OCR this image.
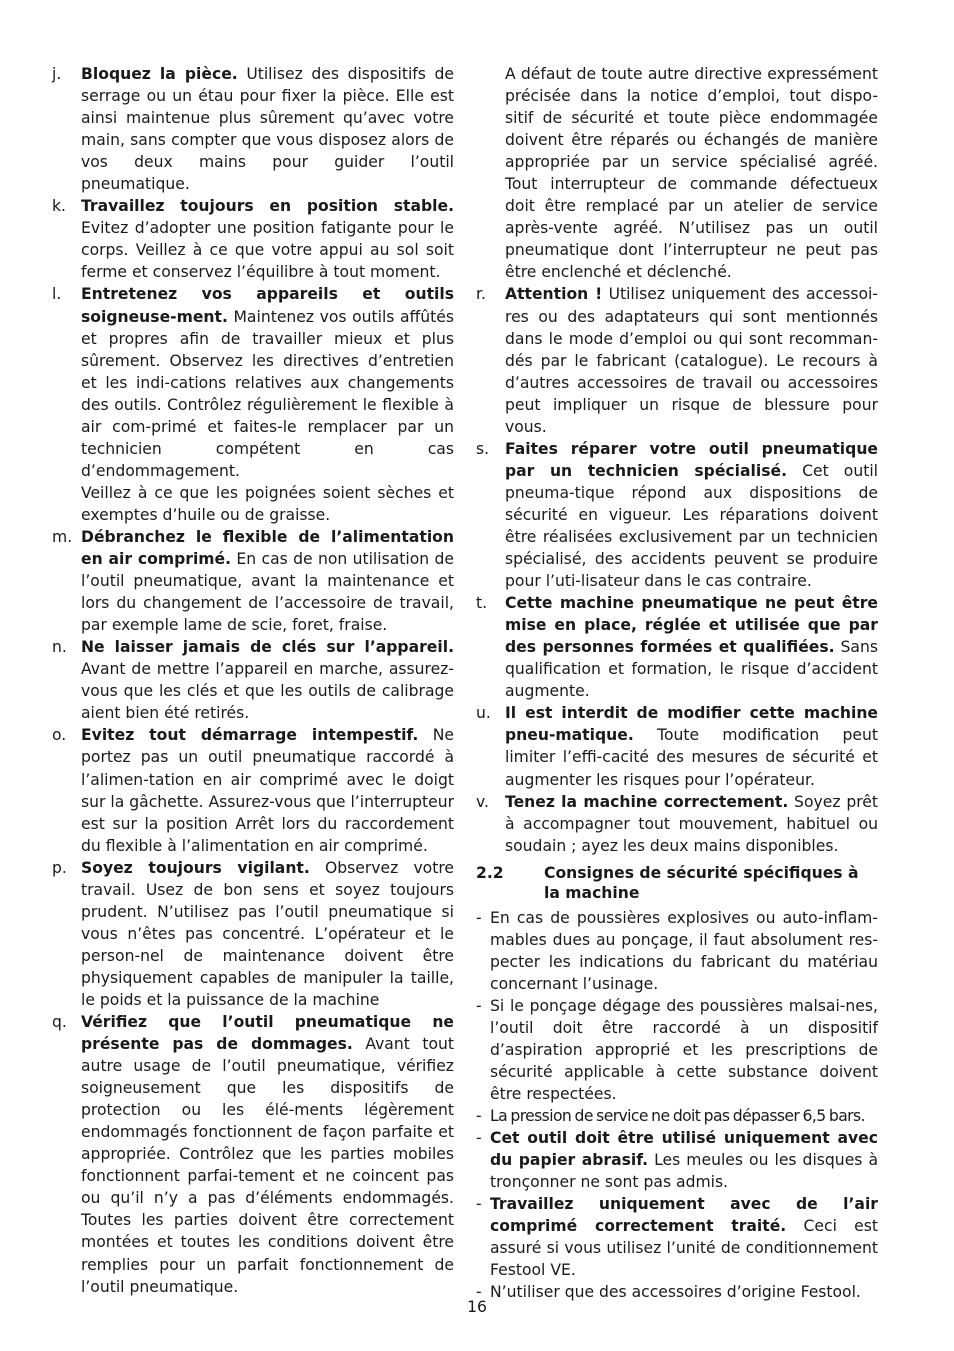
j. Bloquez la pièce. Utilisez des dispositifs de serrage ou un étau pour fixer la pièce. Elle est ainsi maintenue plus sûrement qu’avec votre main, sans compter que vous disposez alors de vos deux mains pour guider l’outil pneumatique.
k. Travaillez toujours en position stable. Evitez d’adopter une position fatigante pour le corps. Veillez à ce que votre appui au sol soit ferme et conservez l’équilibre à tout moment.
l. Entretenez vos appareils et outils soigneuse-ment. Maintenez vos outils affûtés et propres afin de travailler mieux et plus sûrement. Observez les directives d’entretien et les indi-cations relatives aux changements des outils. Contrôlez régulièrement le flexible à air com-primé et faites-le remplacer par un technicien compétent en cas d’endommagement.
Veillez à ce que les poignées soient sèches et exemptes d’huile ou de graisse.
m. Débranchez le flexible de l’alimentation en air comprimé. En cas de non utilisation de l’outil pneumatique, avant la maintenance et lors du changement de l’accessoire de travail, par exemple lame de scie, foret, fraise.
n. Ne laisser jamais de clés sur l’appareil. Avant de mettre l’appareil en marche, assurez-vous que les clés et que les outils de calibrage aient bien été retirés.
o. Evitez tout démarrage intempestif. Ne portez pas un outil pneumatique raccordé à l’alimen-tation en air comprimé avec le doigt sur la gâchette. Assurez-vous que l’interrupteur est sur la position Arrêt lors du raccordement du flexible à l’alimentation en air comprimé.
p. Soyez toujours vigilant. Observez votre travail. Usez de bon sens et soyez toujours prudent. N’utilisez pas l’outil pneumatique si vous n’êtes pas concentré. L’opérateur et le person-nel de maintenance doivent être physiquement capables de manipuler la taille, le poids et la puissance de la machine
q. Vérifiez que l’outil pneumatique ne présente pas de dommages. Avant tout autre usage de l’outil pneumatique, vérifiez soigneusement que les dispositifs de protection ou les élé-ments légèrement endommagés fonctionnent de façon parfaite et appropriée. Contrôlez que les parties mobiles fonctionnent parfai-tement et ne coincent pas ou qu’il n’y a pas d’éléments endommagés. Toutes les parties doivent être correctement montées et toutes les conditions doivent être remplies pour un parfait fonctionnement de l’outil pneumatique.
A défaut de toute autre directive expressément précisée dans la notice d’emploi, tout dispo-sitif de sécurité et toute pièce endommagée doivent être réparés ou échangés de manière appropriée par un service spécialisé agréé. Tout interrupteur de commande défectueux doit être remplacé par un atelier de service après-vente agréé. N’utilisez pas un outil pneumatique dont l’interrupteur ne peut pas être enclenché et déclenché.
r. Attention ! Utilisez uniquement des accessoi-res ou des adaptateurs qui sont mentionnés dans le mode d’emploi ou qui sont recomman-dés par le fabricant (catalogue). Le recours à d’autres accessoires de travail ou accessoires peut impliquer un risque de blessure pour vous.
s. Faites réparer votre outil pneumatique par un technicien spécialisé. Cet outil pneuma-tique répond aux dispositions de sécurité en vigueur. Les réparations doivent être réalisées exclusivement par un technicien spécialisé, des accidents peuvent se produire pour l’uti-lisateur dans le cas contraire.
t. Cette machine pneumatique ne peut être mise en place, réglée et utilisée que par des personnes formées et qualifiées. Sans qualification et formation, le risque d’accident augmente.
u. Il est interdit de modifier cette machine pneu-matique. Toute modification peut limiter l’effi-cacité des mesures de sécurité et augmenter les risques pour l’opérateur.
v. Tenez la machine correctement. Soyez prêt à accompagner tout mouvement, habituel ou soudain ; ayez les deux mains disponibles.
2.2	Consignes de sécurité spécifiques à la machine
- En cas de poussières explosives ou auto-inflam-mables dues au ponçage, il faut absolument res-pecter les indications du fabricant du matériau concernant l’usinage.
- Si le ponçage dégage des poussières malsai-nes, l’outil doit être raccordé à un dispositif d’aspiration approprié et les prescriptions de sécurité applicable à cette substance doivent être respectées.
- La pression de service ne doit pas dépasser 6,5 bars.
- Cet outil doit être utilisé uniquement avec du papier abrasif. Les meules ou les disques à tronçonner ne sont pas admis.
- Travaillez uniquement avec de l’air comprimé correctement traité. Ceci est assuré si vous utilisez l’unité de conditionnement Festool VE.
- N’utiliser que des accessoires d’origine Festool.
16
